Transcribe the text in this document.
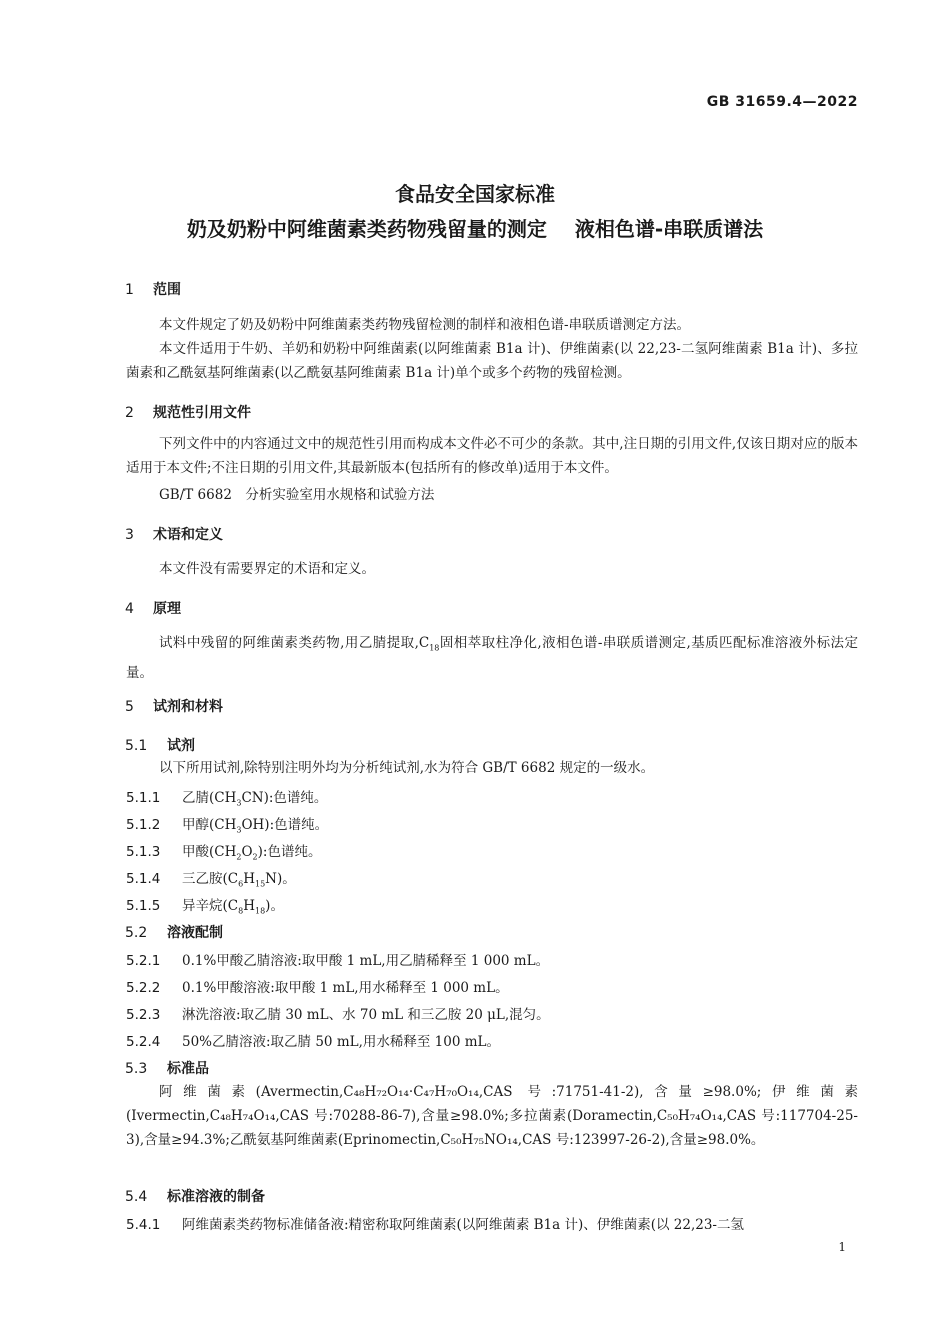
GB 31659.4—2022
食品安全国家标准
奶及奶粉中阿维菌素类药物残留量的测定 液相色谱-串联质谱法
1 范围
本文件规定了奶及奶粉中阿维菌素类药物残留检测的制样和液相色谱-串联质谱测定方法。
本文件适用于牛奶、羊奶和奶粉中阿维菌素(以阿维菌素 B1a 计)、伊维菌素(以 22,23-二氢阿维菌素 B1a 计)、多拉菌素和乙酰氨基阿维菌素(以乙酰氨基阿维菌素 B1a 计)单个或多个药物的残留检测。
2 规范性引用文件
下列文件中的内容通过文中的规范性引用而构成本文件必不可少的条款。其中,注日期的引用文件,仅该日期对应的版本适用于本文件;不注日期的引用文件,其最新版本(包括所有的修改单)适用于本文件。
GB/T 6682　分析实验室用水规格和试验方法
3 术语和定义
本文件没有需要界定的术语和定义。
4 原理
试料中残留的阿维菌素类药物,用乙腈提取$,C_{18}$固相萃取柱净化,液相色谱-串联质谱测定,基质匹配标准溶液外标法定量。
5 试剂和材料
5.1 试剂
以下所用试剂,除特别注明外均为分析纯试剂,水为符合 GB/T 6682 规定的一级水。
5.1.1 乙腈$(CH_3CN)$:色谱纯。
5.1.2 甲醇$(CH_3OH)$:色谱纯。
5.1.3 甲酸$(CH_2O_2)$:色谱纯。
5.1.4 三乙胺$(C_6H_{15}N)$。
5.1.5 异辛烷$(C_8H_{18})$。
5.2 溶液配制
5.2.1 0.1%甲酸乙腈溶液:取甲酸 1 mL,用乙腈稀释至 1 000 mL。
5.2.2 0.1%甲酸溶液:取甲酸 1 mL,用水稀释至 1 000 mL。
5.2.3 淋洗溶液:取乙腈 30 mL、水 70 mL 和三乙胺 20 μL,混匀。
5.2.4 50%乙腈溶液:取乙腈 50 mL,用水稀释至 100 mL。
5.3 标准品
阿维菌素(Avermectin,C₄₈H₇₂O₁₄·C₄₇H₇₀O₁₄,CAS 号:71751-41-2),含量≥98.0%;伊维菌素(Ivermectin,C₄₈H₇₄O₁₄,CAS 号:70288-86-7),含量≥98.0%;多拉菌素(Doramectin,C₅₀H₇₄O₁₄,CAS 号:117704-25-3),含量≥94.3%;乙酰氨基阿维菌素(Eprinomectin,C₅₀H₇₅NO₁₄,CAS 号:123997-26-2),含量≥98.0%。
5.4 标准溶液的制备
5.4.1 阿维菌素类药物标准储备液:精密称取阿维菌素(以阿维菌素 B1a 计)、伊维菌素(以 22,23-二氢
1
